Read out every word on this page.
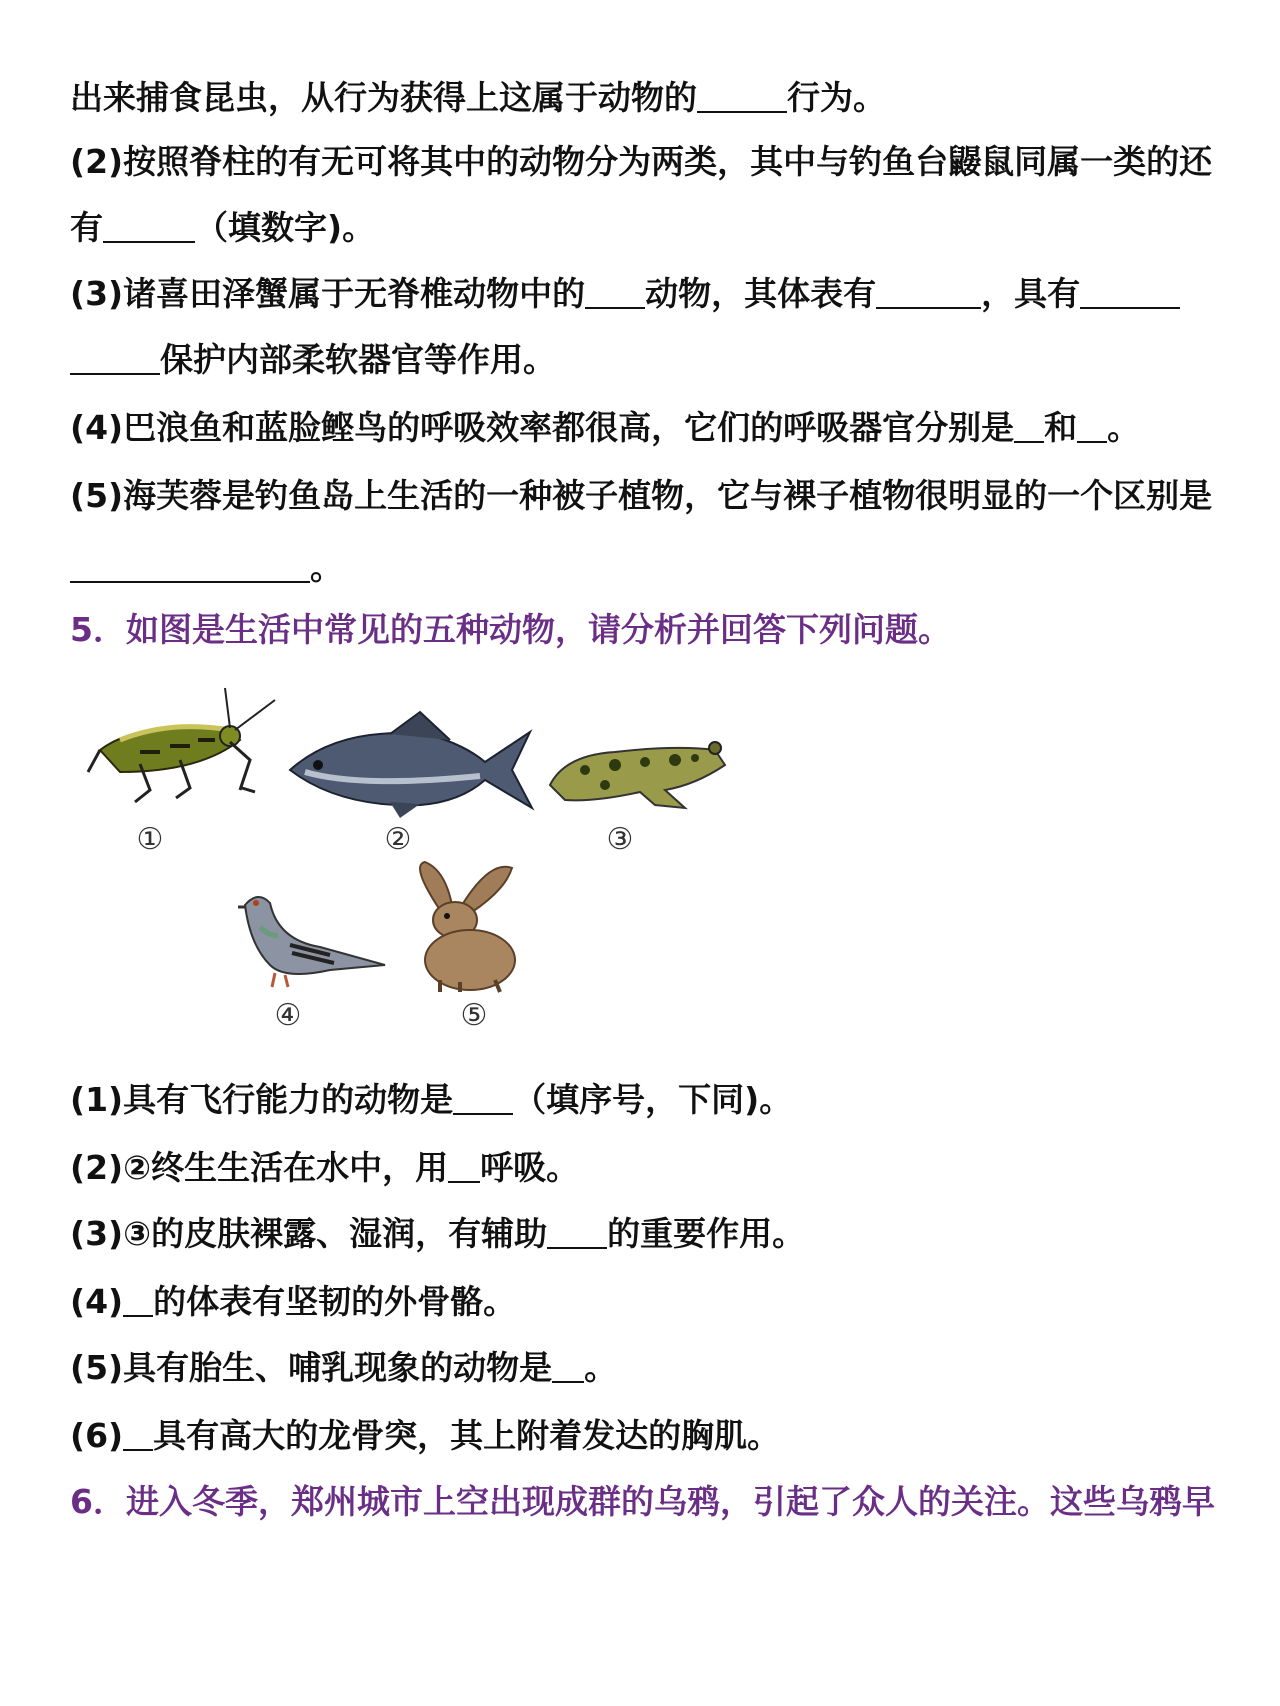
出来捕食昆虫，从行为获得上这属于动物的	行为。
(2)按照脊柱的有无可将其中的动物分为两类，其中与钓鱼台鼹鼠同属一类的还
有	（填数字)。
(3)诸喜田泽蟹属于无脊椎动物中的 动物，其体表有	，具有
保护内部柔软器官等作用。
(4)巴浪鱼和蓝脸鲣鸟的呼吸效率都很高，它们的呼吸器官分别是 和 。
(5)海芙蓉是钓鱼岛上生活的一种被子植物，它与裸子植物很明显的一个区别是
。
5．如图是生活中常见的五种动物，请分析并回答下列问题。
①	②	③
④	⑤
(1)具有飞行能力的动物是 （填序号，下同)。
(2)②终生生活在水中，用 呼吸。
(3)③的皮肤裸露、湿润，有辅助 的重要作用。
(4) 的体表有坚韧的外骨骼。
(5)具有胎生、哺乳现象的动物是 。
(6) 具有高大的龙骨突，其上附着发达的胸肌。
6．进入冬季，郑州城市上空出现成群的乌鸦，引起了众人的关注。这些乌鸦早
